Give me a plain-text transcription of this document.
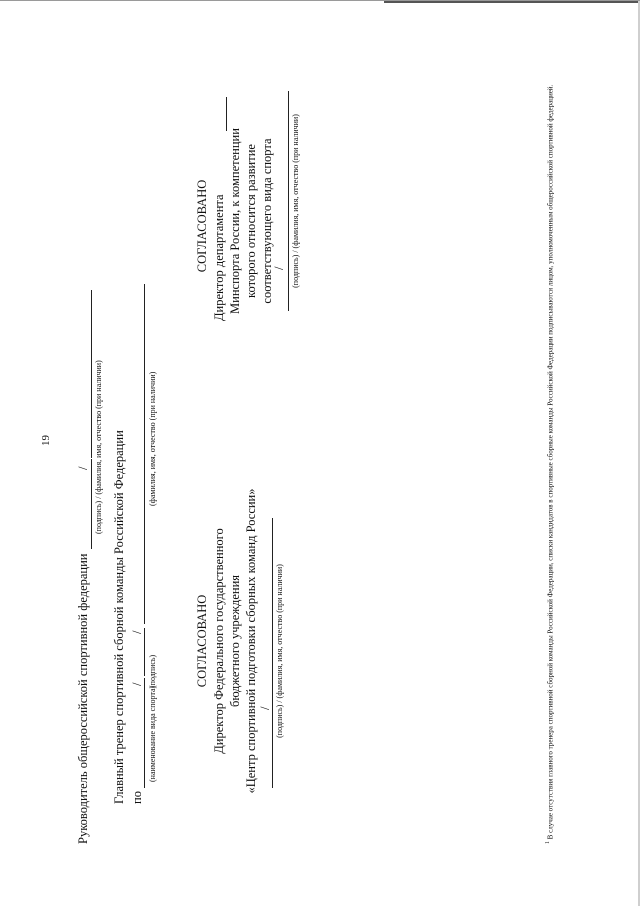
19
Руководитель общероссийской спортивной федерации
/ (подпись) / (фамилия, имя, отчество (при наличии) Главный тренер спортивной сборной команды Российской Федерации по
/
/
(наименование вида спорта)
(подпись)
(фамилия, имя, отчество (при наличии)
СОГЛАСОВАНО Директор Федерального государственного бюджетного учреждения «Центр спортивной подготовки сборных команд России» / (подпись) / (фамилия, имя, отчество (при наличии)
СОГЛАСОВАНО Директор департамента Минспорта России, к компетенции которого относится развитие соответствующего вида спорта
/ (подпись) / (фамилия, имя, отчество (при наличии)
$^1$ В случае отсутствия главного тренера спортивной сборной команды Российской Федерации, списки кандидатов в спортивные сборные команды Российской Федерации подписываются лицом, уполномоченным общероссийской спортивной федерацией.
